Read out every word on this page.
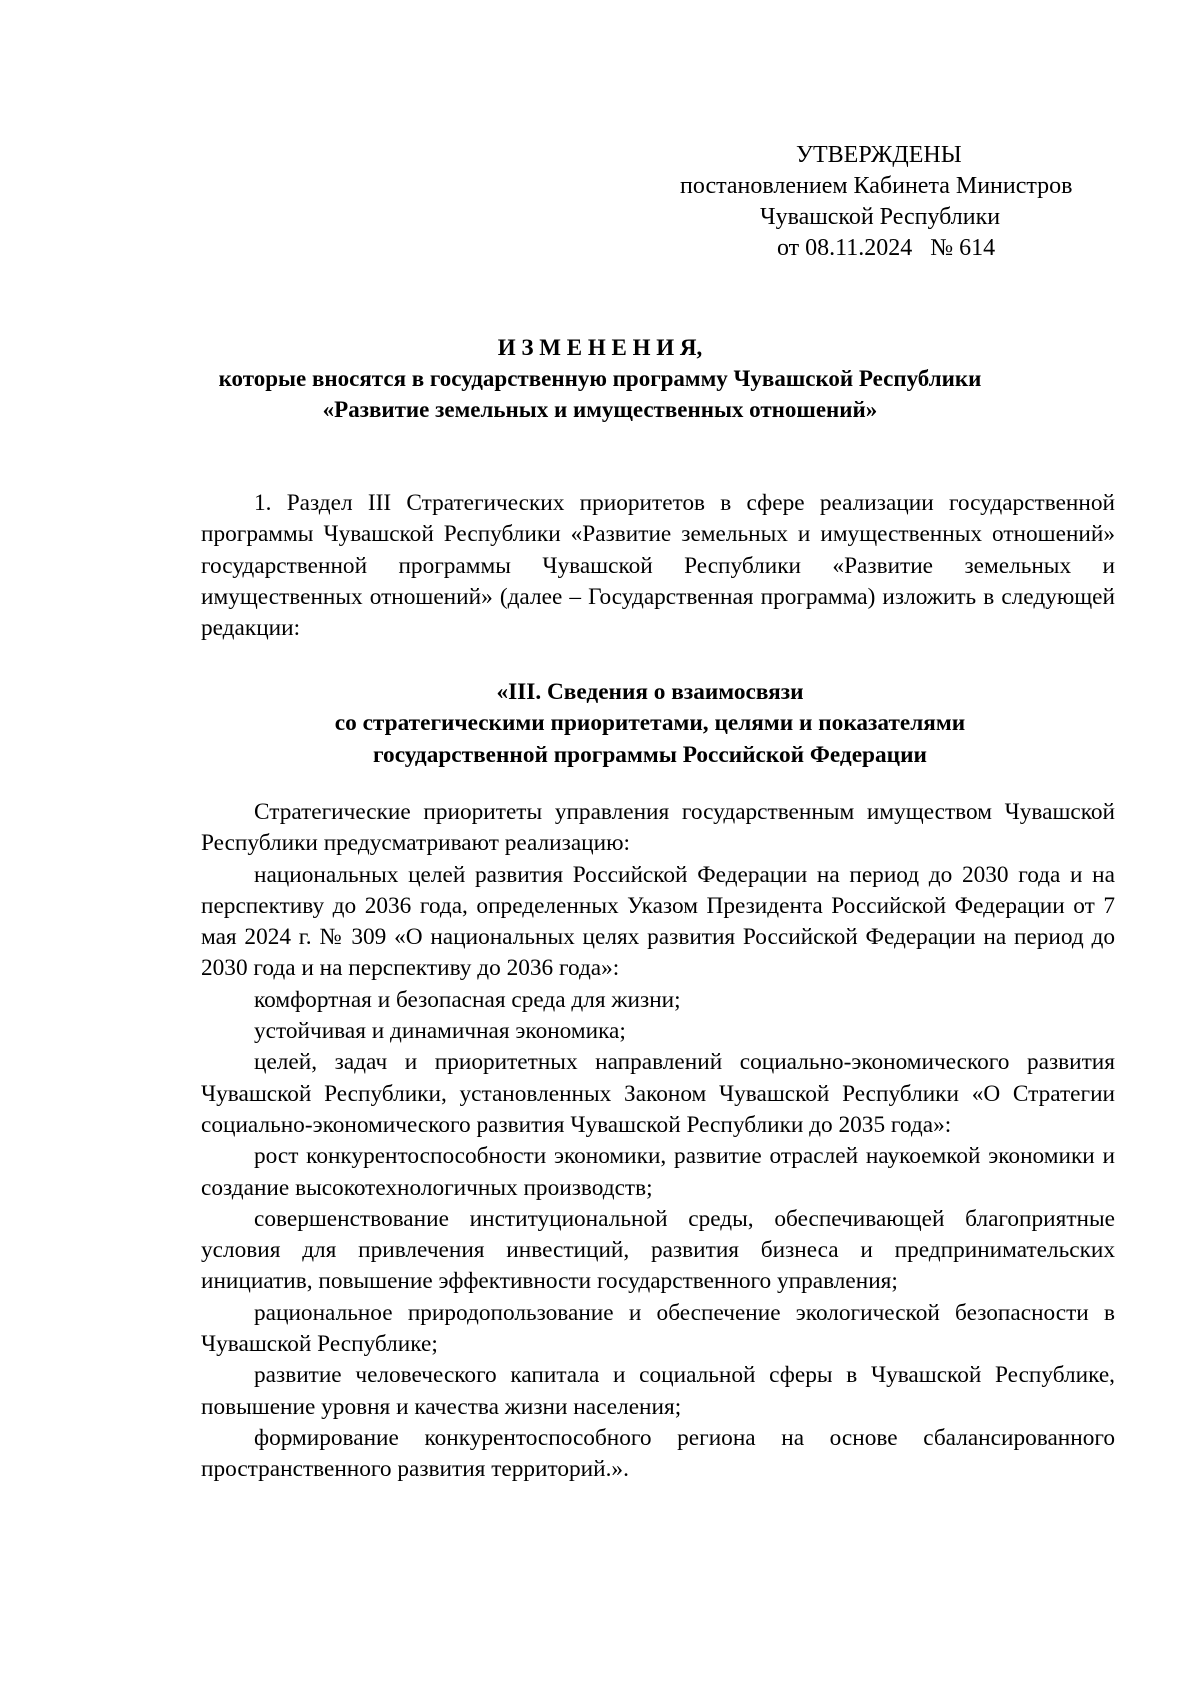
УТВЕРЖДЕНЫ
постановлением Кабинета Министров
Чувашской Республики
от 08.11.2024   № 614
И З М Е Н Е Н И Я,
которые вносятся в государственную программу Чувашской Республики
«Развитие земельных и имущественных отношений»

1. Раздел III Стратегических приоритетов в сфере реализации государственной программы Чувашской Республики «Развитие земельных и имущественных отношений» государственной программы Чувашской Республики «Развитие земельных и имущественных отношений» (далее – Государственная программа) изложить в следующей редакции:

«III. Сведения о взаимосвязи
со стратегическими приоритетами, целями и показателями
государственной программы Российской Федерации

Стратегические приоритеты управления государственным имуществом Чувашской Республики предусматривают реализацию:

национальных целей развития Российской Федерации на период до 2030 года и на перспективу до 2036 года, определенных Указом Президента Российской Федерации от 7 мая 2024 г. № 309 «О национальных целях развития Российской Федерации на период до 2030 года и на перспективу до 2036 года»:

комфортная и безопасная среда для жизни;

устойчивая и динамичная экономика;

целей, задач и приоритетных направлений социально-экономического развития Чувашской Республики, установленных Законом Чувашской Республики «О Стратегии социально-экономического развития Чувашской Республики до 2035 года»:

рост конкурентоспособности экономики, развитие отраслей наукоемкой экономики и создание высокотехнологичных производств;

совершенствование институциональной среды, обеспечивающей благоприятные условия для привлечения инвестиций, развития бизнеса и предпринимательских инициатив, повышение эффективности государственного управления;

рациональное природопользование и обеспечение экологической безопасности в Чувашской Республике;

развитие человеческого капитала и социальной сферы в Чувашской Республике, повышение уровня и качества жизни населения;

формирование конкурентоспособного региона на основе сбалансированного пространственного развития территорий.».
